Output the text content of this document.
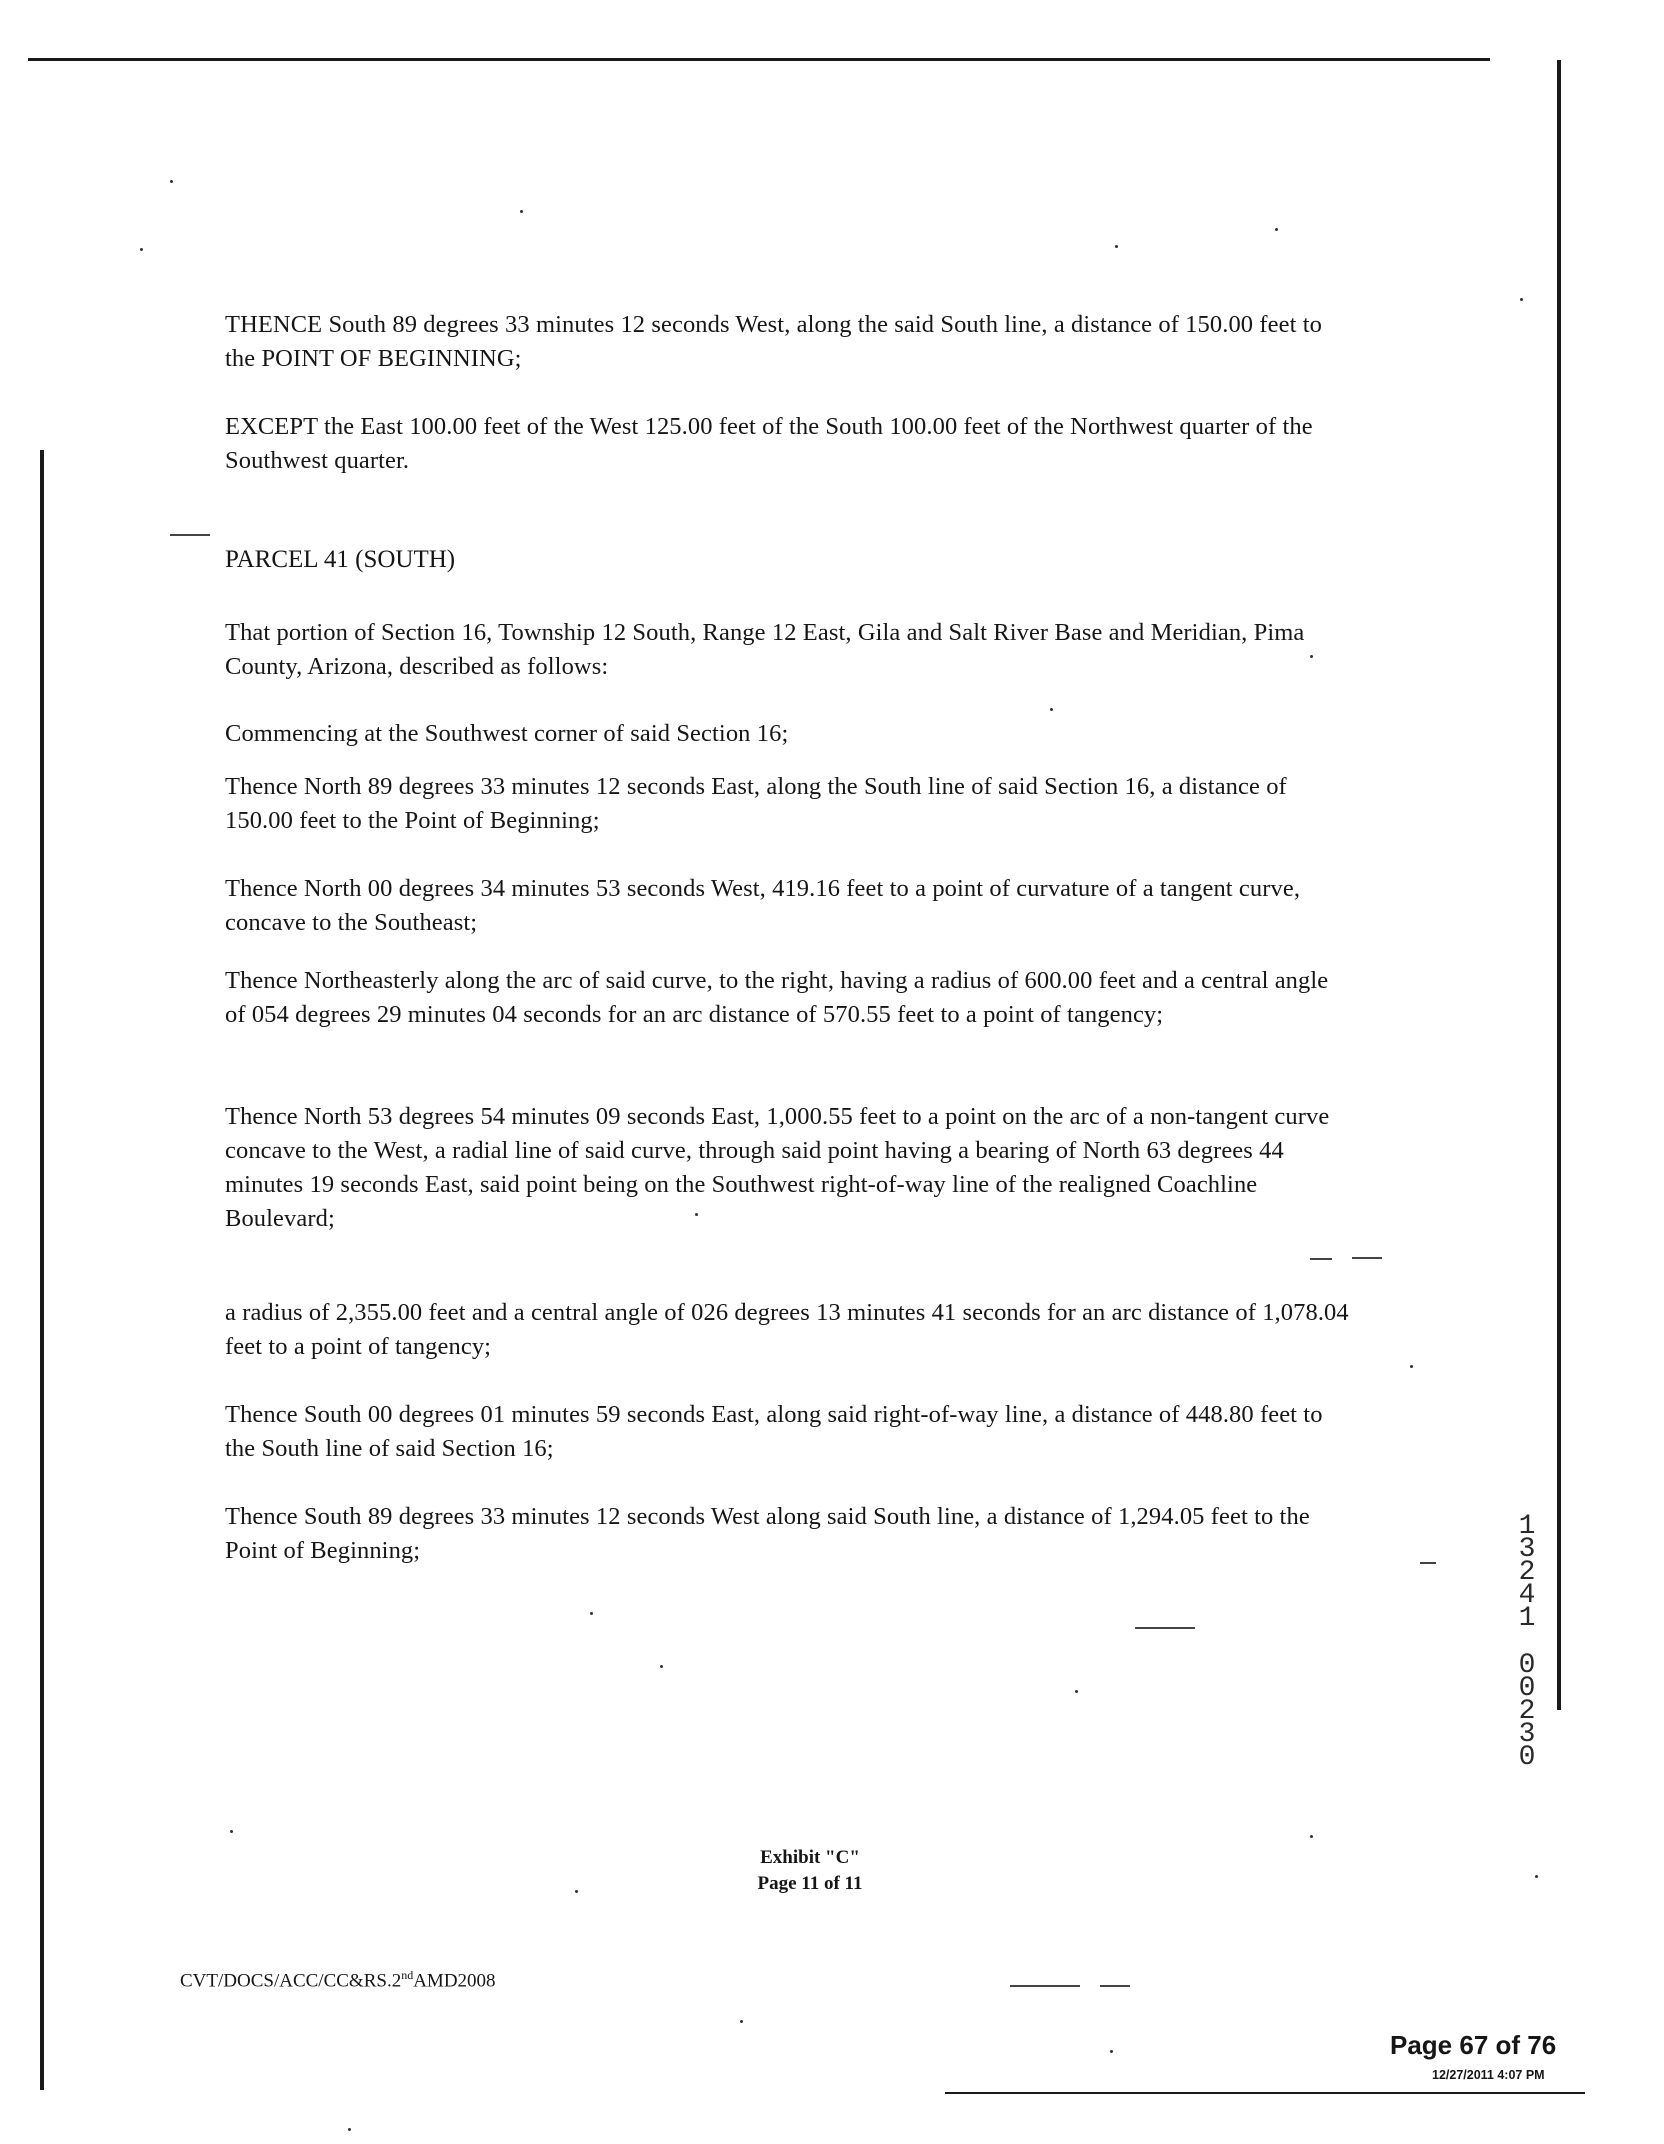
THENCE South 89 degrees 33 minutes 12 seconds West, along the said South line, a distance of 150.00 feet to the POINT OF BEGINNING;

EXCEPT the East 100.00 feet of the West 125.00 feet of the South 100.00 feet of the Northwest quarter of the Southwest quarter.

PARCEL 41 (SOUTH)

That portion of Section 16, Township 12 South, Range 12 East, Gila and Salt River Base and Meridian, Pima County, Arizona, described as follows:

Commencing at the Southwest corner of said Section 16;

Thence North 89 degrees 33 minutes 12 seconds East, along the South line of said Section 16, a distance of 150.00 feet to the Point of Beginning;

Thence North 00 degrees 34 minutes 53 seconds West, 419.16 feet to a point of curvature of a tangent curve, concave to the Southeast;

Thence Northeasterly along the arc of said curve, to the right, having a radius of 600.00 feet and a central angle of 054 degrees 29 minutes 04 seconds for an arc distance of 570.55 feet to a point of tangency;

Thence North 53 degrees 54 minutes 09 seconds East, 1,000.55 feet to a point on the arc of a non-tangent curve concave to the West, a radial line of said curve, through said point having a bearing of North 63 degrees 44 minutes 19 seconds East, said point being on the Southwest right-of-way line of the realigned Coachline Boulevard;

a radius of 2,355.00 feet and a central angle of 026 degrees 13 minutes 41 seconds for an arc distance of 1,078.04 feet to a point of tangency;

Thence South 00 degrees 01 minutes 59 seconds East, along said right-of-way line, a distance of 448.80 feet to the South line of said Section 16;

Thence South 89 degrees 33 minutes 12 seconds West along said South line, a distance of 1,294.05 feet to the Point of Beginning;

Exhibit "C"
Page 11 of 11
CVT/DOCS/ACC/CC&RS.2ndAMD2008
Page 67 of 76
12/27/2011 4:07 PM
1
3
2
4
1
0
0
2
3
0
